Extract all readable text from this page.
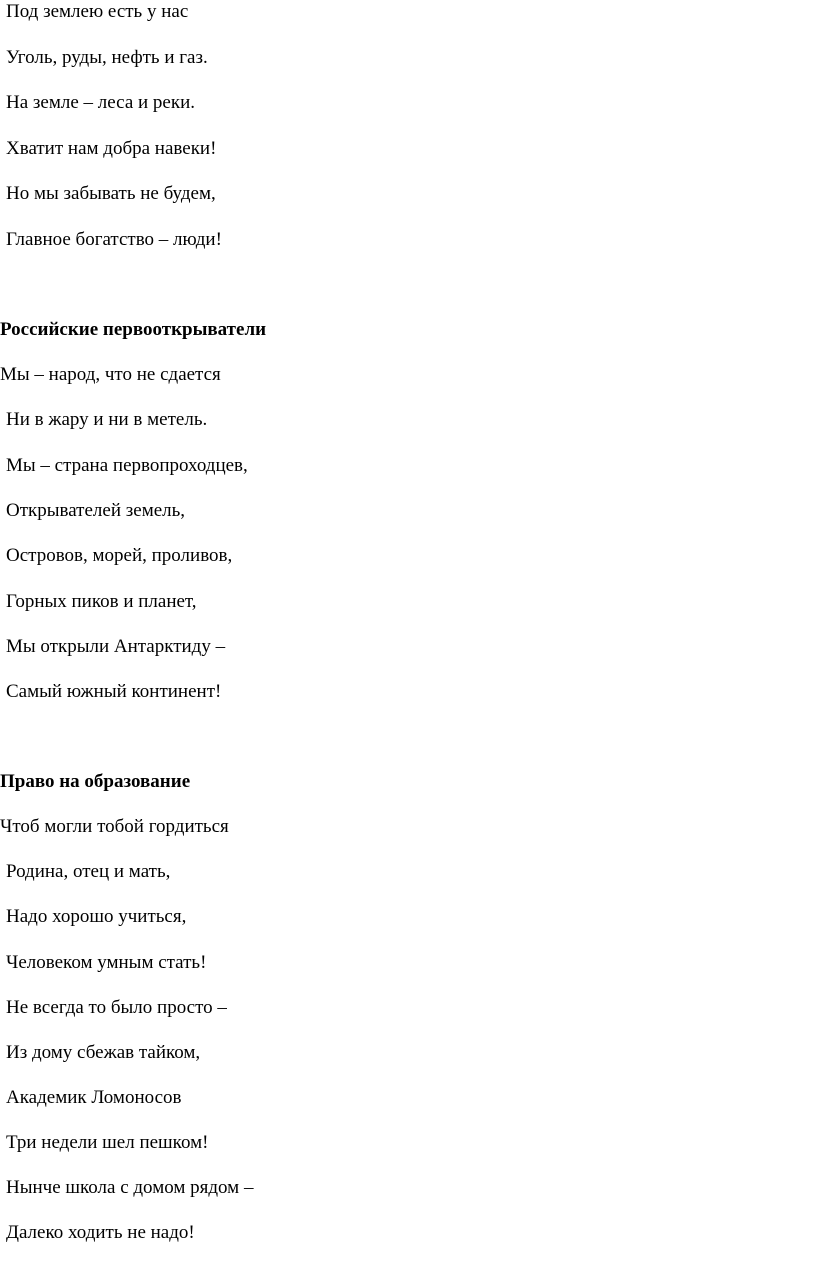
Под землею есть у нас
Уголь, руды, нефть и газ.
На земле – леса и реки.
Хватит нам добра навеки!
Но мы забывать не будем,
Главное богатство – люди!
Российские первооткрыватели
Мы – народ, что не сдается
Ни в жару и ни в метель.
Мы – страна первопроходцев,
Открывателей земель,
Островов, морей, проливов,
Горных пиков и планет,
Мы открыли Антарктиду –
Самый южный континент!
Право на образование
Чтоб могли тобой гордиться
Родина, отец и мать,
Надо хорошо учиться,
Человеком умным стать!
Не всегда то было просто –
Из дому сбежав тайком,
Академик Ломоносов
Три недели шел пешком!
Нынче школа с домом рядом –
Далеко ходить не надо!
